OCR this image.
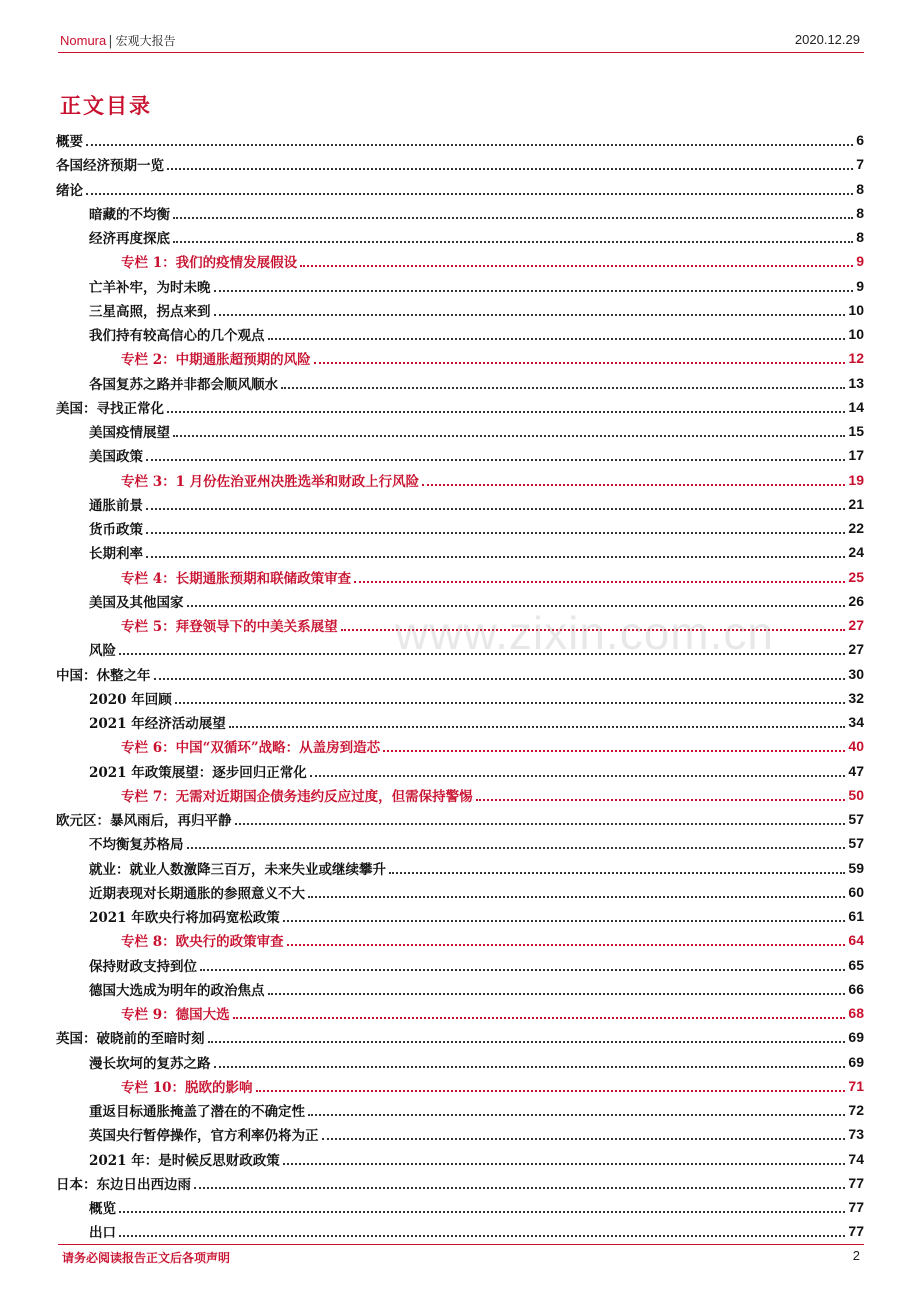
Nomura | 宏观大报告	2020.12.29
正文目录
概要	6
各国经济预期一览	7
绪论	8
暗藏的不均衡	8
经济再度探底	8
专栏 1：我们的疫情发展假设	9
亡羊补牢，为时未晚	9
三星高照，拐点来到	10
我们持有较高信心的几个观点	10
专栏 2：中期通胀超预期的风险	12
各国复苏之路并非都会顺风顺水	13
美国：寻找正常化	14
美国疫情展望	15
美国政策	17
专栏 3：1 月份佐治亚州决胜选举和财政上行风险	19
通胀前景	21
货币政策	22
长期利率	24
专栏 4：长期通胀预期和联储政策审查	25
美国及其他国家	26
专栏 5：拜登领导下的中美关系展望	27
风险	27
中国：休整之年	30
2020 年回顾	32
2021 年经济活动展望	34
专栏 6：中国“双循环”战略：从盖房到造芯	40
2021 年政策展望：逐步回归正常化	47
专栏 7：无需对近期国企债务违约反应过度，但需保持警惕	50
欧元区：暴风雨后，再归平静	57
不均衡复苏格局	57
就业：就业人数激降三百万，未来失业或继续攀升	59
近期表现对长期通胀的参照意义不大	60
2021 年欧央行将加码宽松政策	61
专栏 8：欧央行的政策审查	64
保持财政支持到位	65
德国大选成为明年的政治焦点	66
专栏 9：德国大选	68
英国：破晓前的至暗时刻	69
漫长坎坷的复苏之路	69
专栏 10：脱欧的影响	71
重返目标通胀掩盖了潜在的不确定性	72
英国央行暂停操作，官方利率仍将为正	73
2021 年：是时候反思财政政策	74
日本：东边日出西边雨	77
概览	77
出口	77
www.zixin.com.cn
请务必阅读报告正文后各项声明	2
